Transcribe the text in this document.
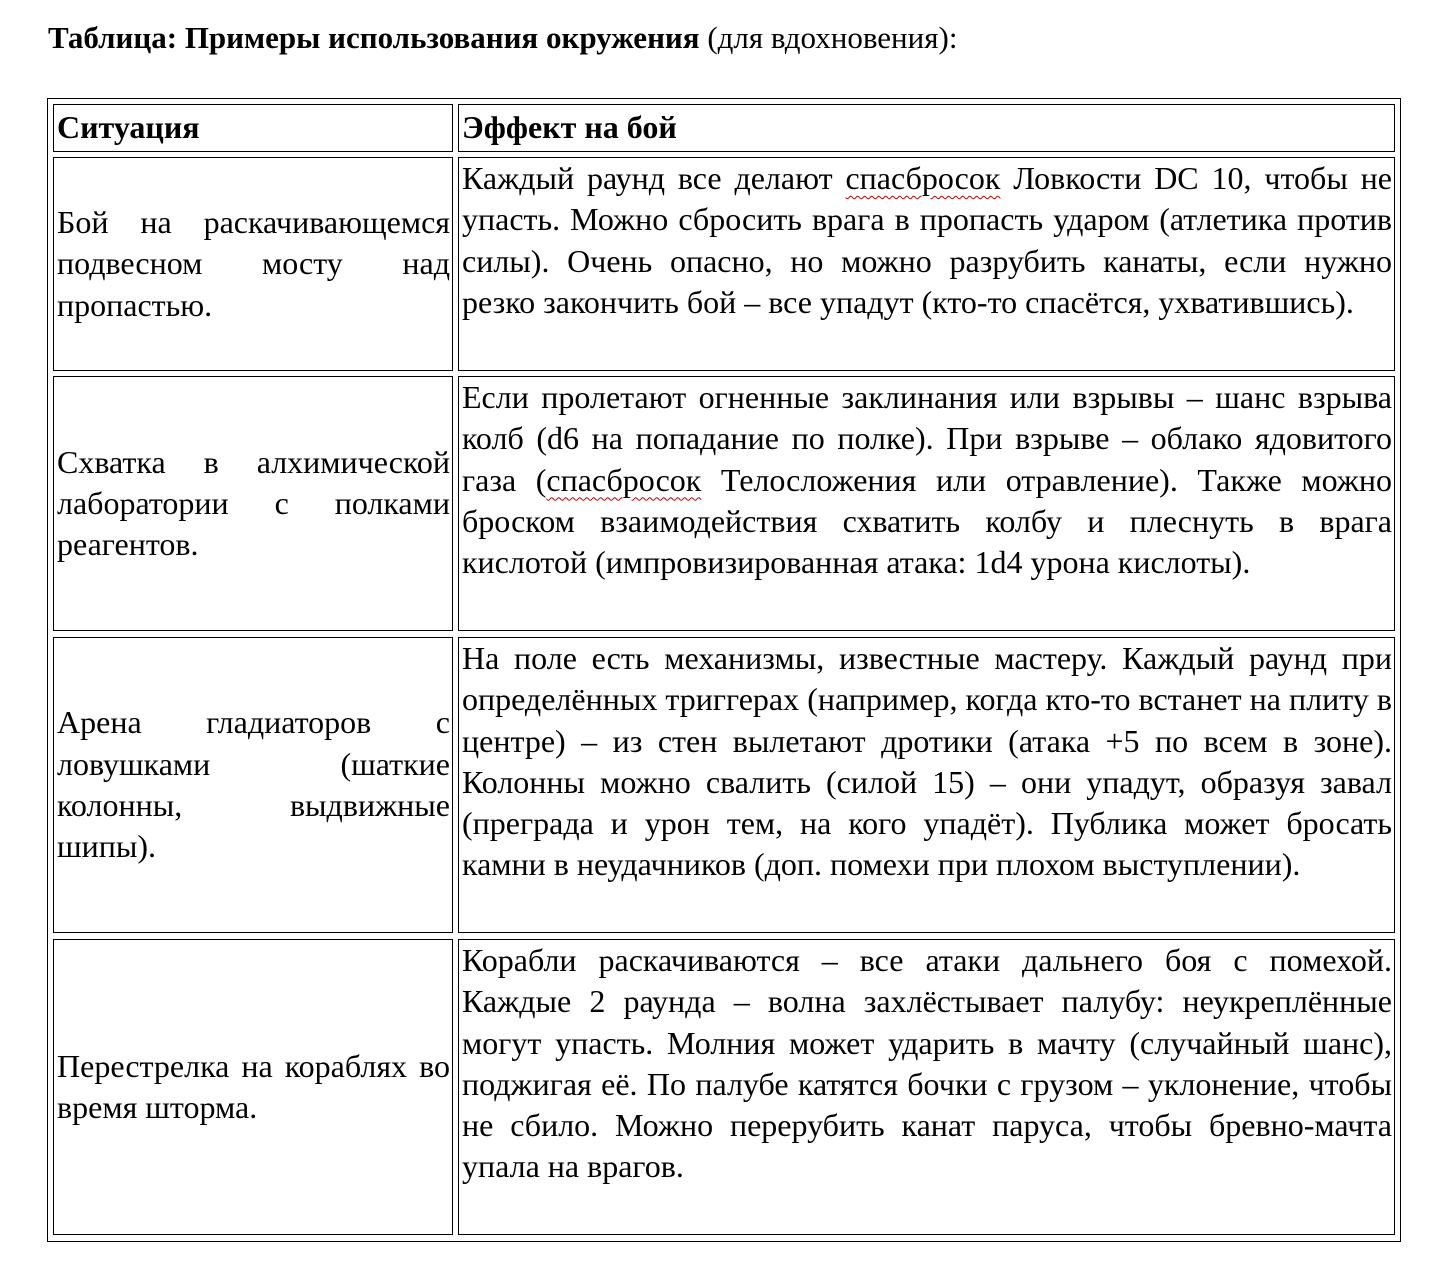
Таблица: Примеры использования окружения (для вдохновения):
Ситуация	Эффект на бой
Бой на раскачивающемся подвесном мосту над пропастью.
Каждый раунд все делают спасбросок Ловкости DC 10, чтобы не упасть. Можно сбросить врага в пропасть ударом (атлетика против силы). Очень опасно, но можно разрубить канаты, если нужно резко закончить бой – все упадут (кто-то спасётся, ухватившись).
Схватка в алхимической лаборатории с полками реагентов.
Если пролетают огненные заклинания или взрывы – шанс взрыва колб (d6 на попадание по полке). При взрыве – облако ядовитого газа (спасбросок Телосложения или отравление). Также можно броском взаимодействия схватить колбу и плеснуть в врага кислотой (импровизированная атака: 1d4 урона кислоты).
Арена гладиаторов с ловушками (шаткие колонны, выдвижные шипы).
На поле есть механизмы, известные мастеру. Каждый раунд при определённых триггерах (например, когда кто-то встанет на плиту в центре) – из стен вылетают дротики (атака +5 по всем в зоне). Колонны можно свалить (силой 15) – они упадут, образуя завал (преграда и урон тем, на кого упадёт). Публика может бросать камни в неудачников (доп. помехи при плохом выступлении).
Перестрелка на кораблях во время шторма.
Корабли раскачиваются – все атаки дальнего боя с помехой. Каждые 2 раунда – волна захлёстывает палубу: неукреплённые могут упасть. Молния может ударить в мачту (случайный шанс), поджигая её. По палубе катятся бочки с грузом – уклонение, чтобы не сбило. Можно перерубить канат паруса, чтобы бревно-мачта упала на врагов.
